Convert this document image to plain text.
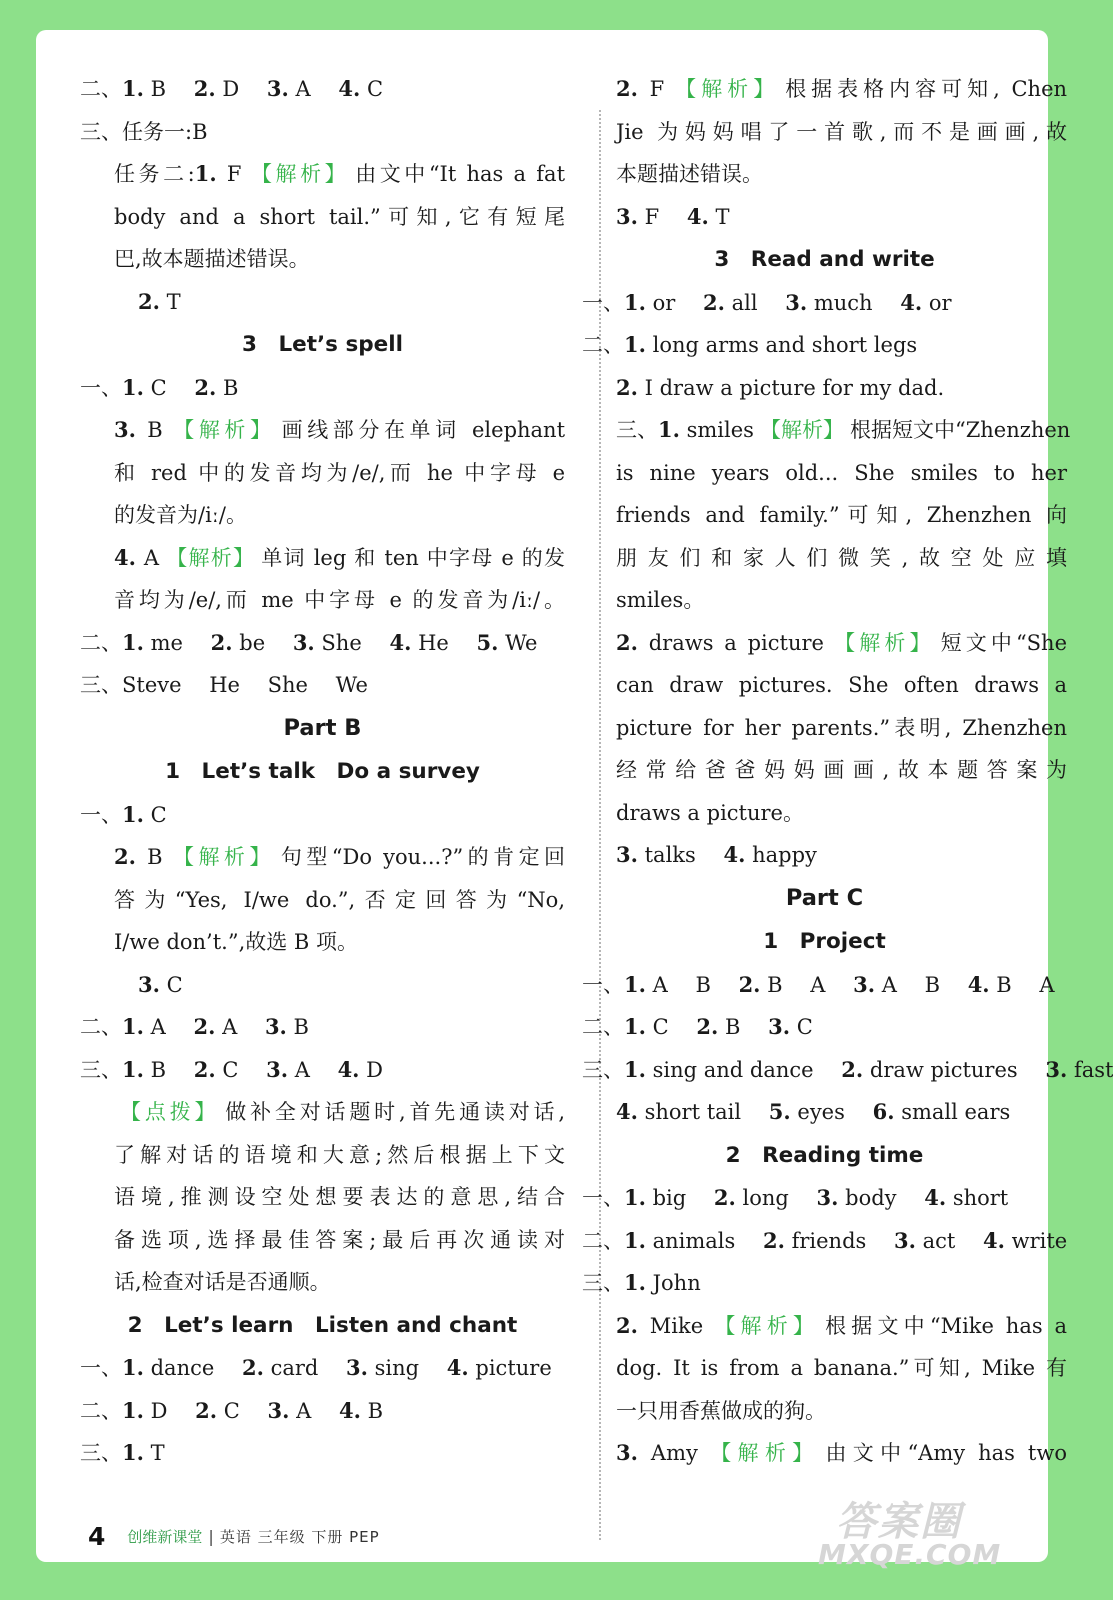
二、1. B　 2. D　 3. A　 4. C
三、任务一:B
任务二:1. F 【 解析 】 由文中“It has a fat
body and a short tail.”可知,它有短尾
巴,故本题描述错误。
2. T
3　Let’s spell
一、1. C　 2. B
3. B 【 解析 】 画线部分在单词 elephant
和 red 中的发音均为/e/,而 he 中字母 e
的发音为/iː/。
4. A 【 解析 】 单词 leg 和 ten 中字母 e 的发
音均为/e/,而 me 中字母 e 的发音为/iː/。
二、1. me　 2. be　 3. She　 4. He　 5. We
三、Steve　 He　 She　 We
Part B
1　Let’s talk　Do a survey
一、1. C
2. B 【 解析 】 句型“Do you...?”的肯定回
答为“Yes, I/we do.”,否定回答为“No,
I/we don’t.”,故选 B 项。
3. C
二、1. A　 2. A　 3. B
三、1. B　 2. C　 3. A　 4. D
【 点拨 】 做补全对话题时,首先通读对话,
了解对话的语境和大意;然后根据上下文
语境,推测设空处想要表达的意思,结合
备选项,选择最佳答案;最后再次通读对
话,检查对话是否通顺。
2　Let’s learn　Listen and chant
一、1. dance　 2. card　 3. sing　 4. picture
二、1. D　 2. C　 3. A　 4. B
三、1. T
2. F 【 解析 】 根据表格内容可知, Chen
Jie 为妈妈唱了一首歌,而不是画画,故
本题描述错误。
3. F　 4. T
3　Read and write
一、1. or　 2. all　 3. much　 4. or
二、1. long arms and short legs
2. I draw a picture for my dad.
三、1. smiles 【 解析 】 根据短文中“Zhenzhen
is nine years old... She smiles to her
friends and family.”可知, Zhenzhen 向
朋友们和家人们微笑,故空处应填
smiles。
2. draws a picture 【 解析 】 短文中“She
can draw pictures. She often draws a
picture for her parents.”表明, Zhenzhen
经常给爸爸妈妈画画,故本题答案为
draws a picture。
3. talks　 4. happy
Part C
1　Project
一、1. A　 B　 2. B　 A　 3. A　 B　 4. B　 A
二、1. C　 2. B　 3. C
三、1. sing and dance　 2. draw pictures　 3. fast
4. short tail　 5. eyes　 6. small ears
2　Reading time
一、1. big　 2. long　 3. body　 4. short
二、1. animals　 2. friends　 3. act　 4. write
三、1. John
2. Mike 【 解析 】 根据文中“Mike has a
dog. It is from a banana.”可知, Mike 有
一只用香蕉做成的狗。
3. Amy 【 解析 】 由文中“Amy has two
4 创维新课堂 | 英语 三年级 下册 PEP	答案圈
MXQE.COM
